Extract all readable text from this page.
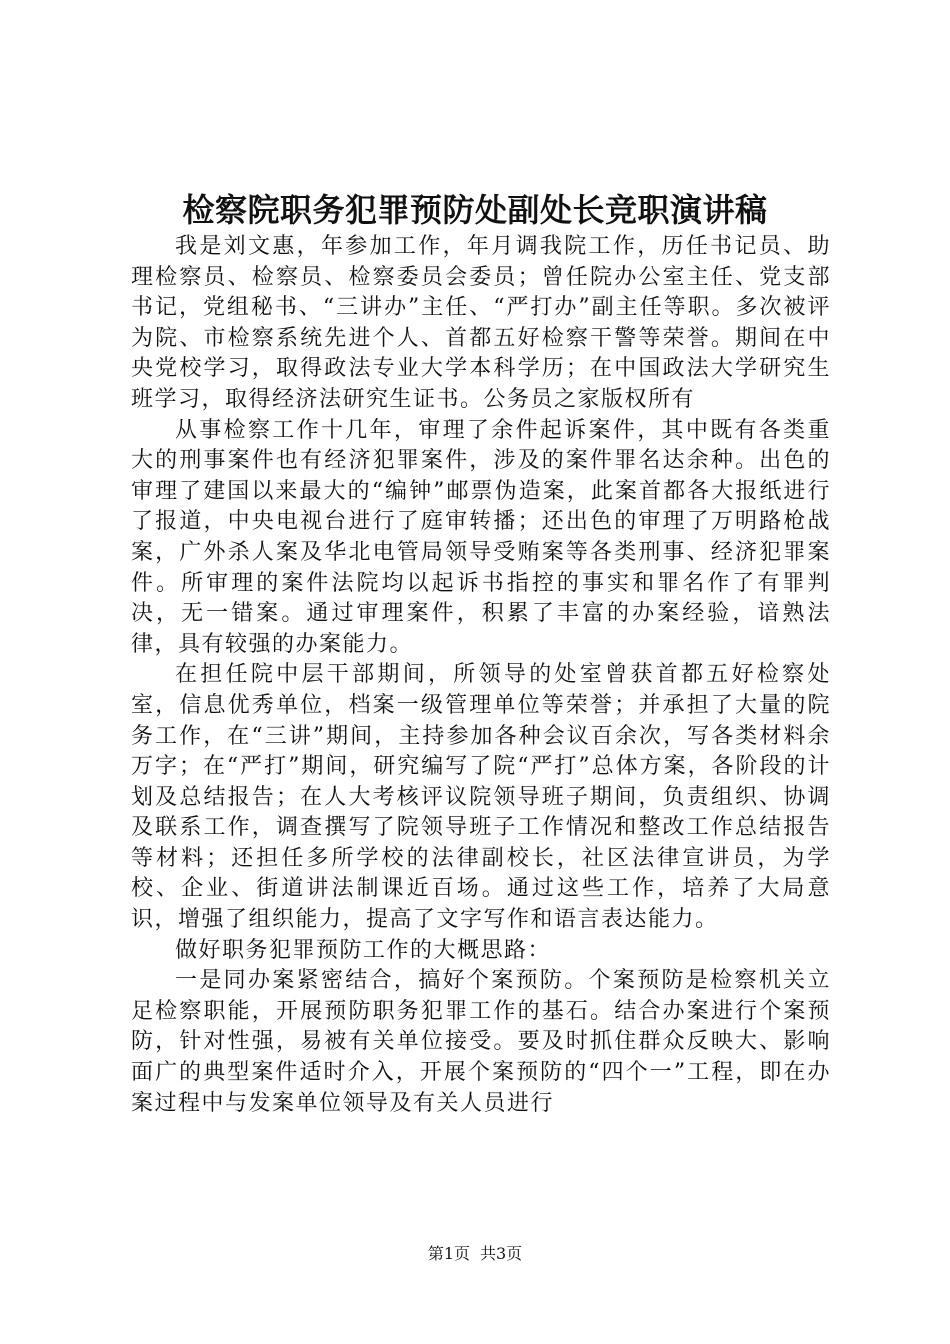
检察院职务犯罪预防处副处长竞职演讲稿

我是刘文惠，年参加工作，年月调我院工作，历任书记员、助理检察员、检察员、检察委员会委员；曾任院办公室主任、党支部书记，党组秘书、“三讲办”主任、“严打办”副主任等职。多次被评为院、市检察系统先进个人、首都五好检察干警等荣誉。期间在中央党校学习，取得政法专业大学本科学历；在中国政法大学研究生班学习，取得经济法研究生证书。公务员之家版权所有

从事检察工作十几年，审理了余件起诉案件，其中既有各类重大的刑事案件也有经济犯罪案件，涉及的案件罪名达余种。出色的审理了建国以来最大的“编钟”邮票伪造案，此案首都各大报纸进行了报道，中央电视台进行了庭审转播；还出色的审理了万明路枪战案，广外杀人案及华北电管局领导受贿案等各类刑事、经济犯罪案件。所审理的案件法院均以起诉书指控的事实和罪名作了有罪判决，无一错案。通过审理案件，积累了丰富的办案经验，谙熟法律，具有较强的办案能力。

在担任院中层干部期间，所领导的处室曾获首都五好检察处室，信息优秀单位，档案一级管理单位等荣誉；并承担了大量的院务工作，在“三讲”期间，主持参加各种会议百余次，写各类材料余万字；在“严打”期间，研究编写了院“严打”总体方案，各阶段的计划及总结报告；在人大考核评议院领导班子期间，负责组织、协调及联系工作，调查撰写了院领导班子工作情况和整改工作总结报告等材料；还担任多所学校的法律副校长，社区法律宣讲员，为学校、企业、街道讲法制课近百场。通过这些工作，培养了大局意识，增强了组织能力，提高了文字写作和语言表达能力。

做好职务犯罪预防工作的大概思路：

一是同办案紧密结合，搞好个案预防。个案预防是检察机关立足检察职能，开展预防职务犯罪工作的基石。结合办案进行个案预防，针对性强，易被有关单位接受。要及时抓住群众反映大、影响面广的典型案件适时介入，开展个案预防的“四个一”工程，即在办案过程中与发案单位领导及有关人员进行

第1页 共3页
